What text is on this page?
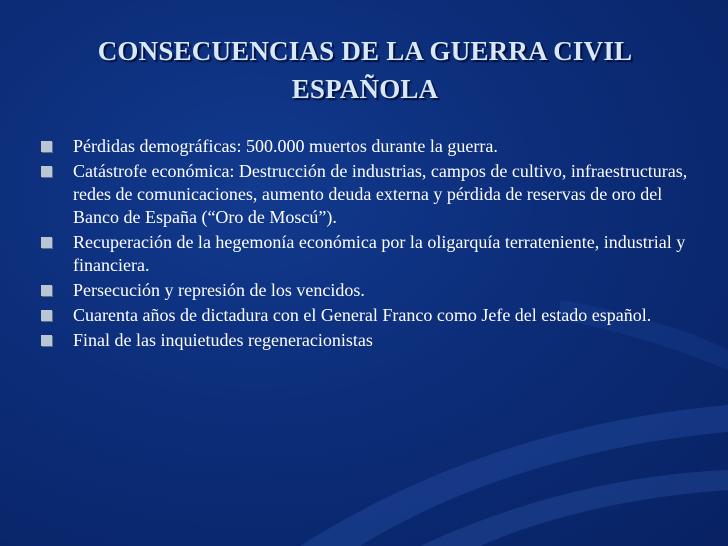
CONSECUENCIAS DE LA GUERRA CIVIL
ESPAÑOLA
Pérdidas demográficas: 500.000 muertos durante la guerra.
Catástrofe económica: Destrucción de industrias, campos de cultivo, infraestructuras, redes de comunicaciones, aumento deuda externa y pérdida de reservas de oro del Banco de España (“Oro de Moscú”).
Recuperación de la hegemonía económica por la oligarquía terrateniente, industrial y financiera.
Persecución y represión de los vencidos.
Cuarenta años de dictadura con el General Franco como Jefe del estado español.
Final de las inquietudes regeneracionistas
